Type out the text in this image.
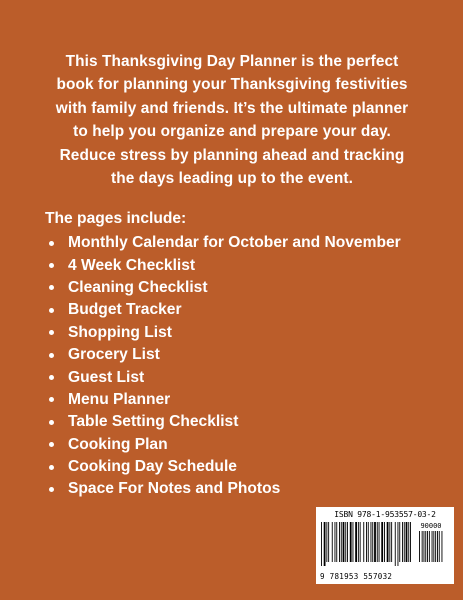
This Thanksgiving Day Planner is the perfect
book for planning your Thanksgiving festivities
with family and friends. It’s the ultimate planner
to help you organize and prepare your day.
Reduce stress by planning ahead and tracking
the days leading up to the event.

The pages include:

Monthly Calendar for October and November
4 Week Checklist
Cleaning Checklist
Budget Tracker
Shopping List
Grocery List
Guest List
Menu Planner
Table Setting Checklist
Cooking Plan
Cooking Day Schedule
Space For Notes and Photos
ISBN 978-1-953557-03-2
90000
9 781953 557032
